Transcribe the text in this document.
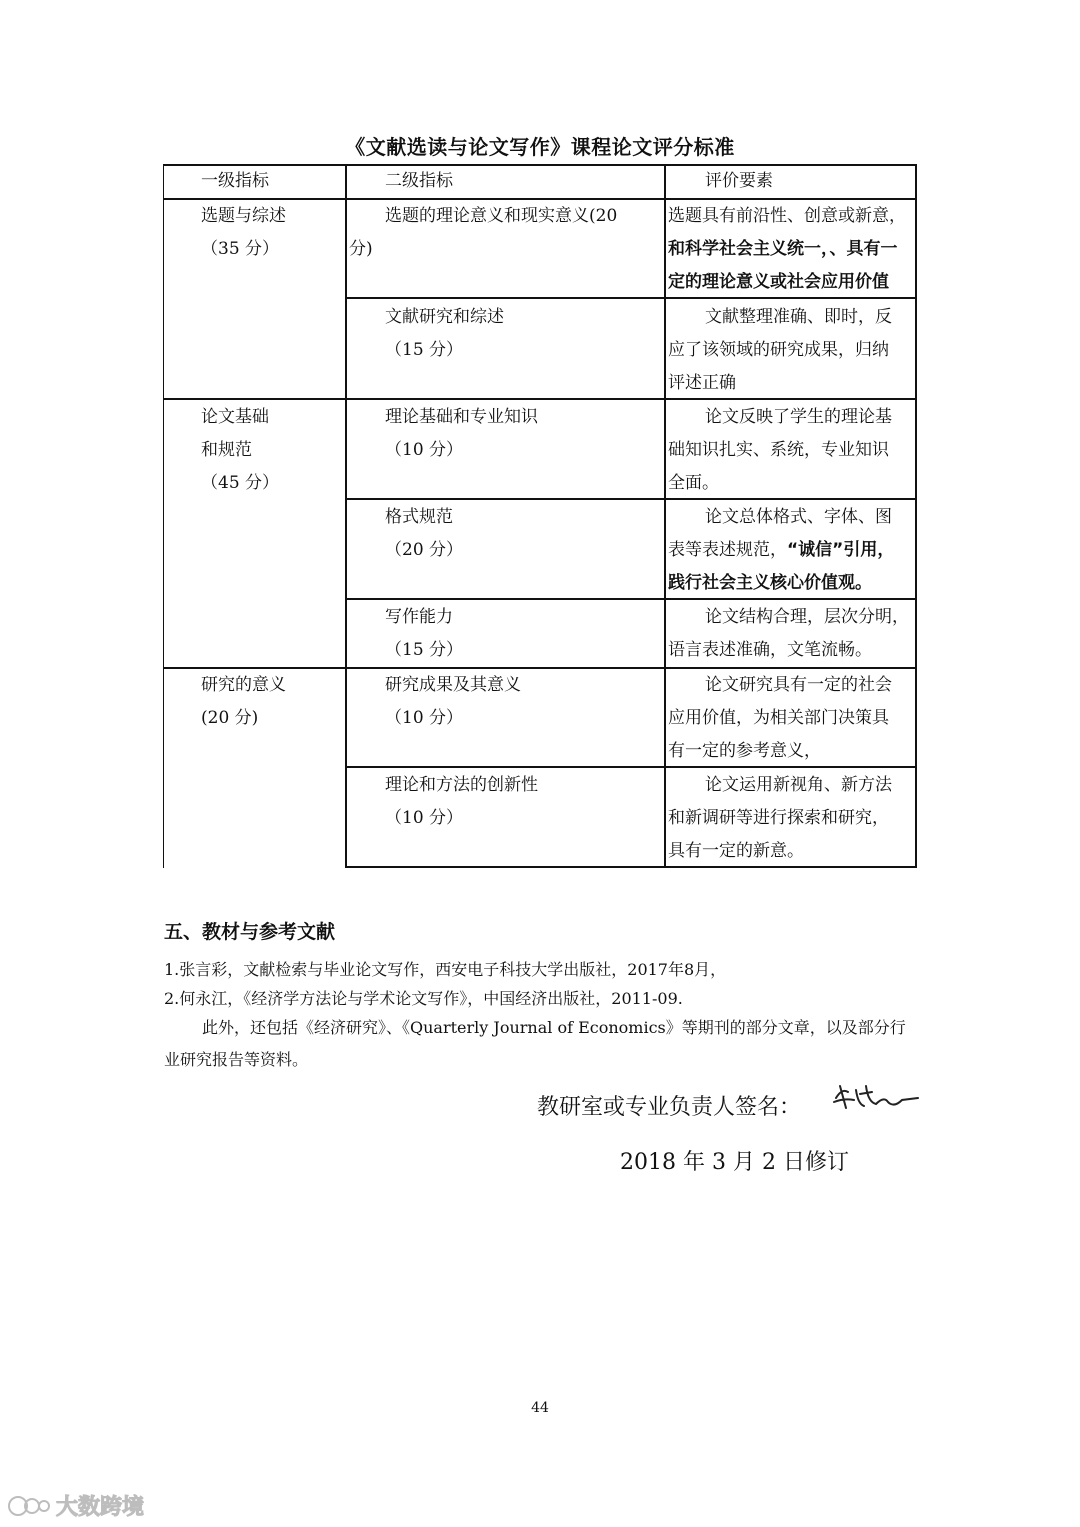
《文献选读与论文写作》课程论文评分标准
一级指标	二级指标	评价要素
选题与综述
（35 分）
选题的理论意义和现实意义(20
分)
选题具有前沿性、创意或新意，
和科学社会主义统一，、具有一
定的理论意义或社会应用价值
文献研究和综述
（15 分）
文献整理准确、即时，反
应了该领域的研究成果，归纳
评述正确
论文基础
和规范
（45 分）
理论基础和专业知识
（10 分）
论文反映了学生的理论基
础知识扎实、系统，专业知识
全面。
格式规范
（20 分）
论文总体格式、字体、图
表等表述规范，“诚信”引用，
践行社会主义核心价值观。
写作能力
（15 分）
论文结构合理，层次分明，
语言表述准确，文笔流畅。
研究的意义
(20 分)
研究成果及其意义
（10 分）
论文研究具有一定的社会
应用价值，为相关部门决策具
有一定的参考意义，
理论和方法的创新性
（10 分）
论文运用新视角、新方法
和新调研等进行探索和研究，
具有一定的新意。
五、教材与参考文献
1.张言彩，文献检索与毕业论文写作，西安电子科技大学出版社，2017年8月，
2.何永江，《经济学方法论与学术论文写作》，中国经济出版社，2011-09.
此外，还包括《经济研究》、《Quarterly Journal of Economics》等期刊的部分文章，以及部分行业研究报告等资料。
教研室或专业负责人签名：
2018 年 3 月 2 日修订
44
大数跨境
